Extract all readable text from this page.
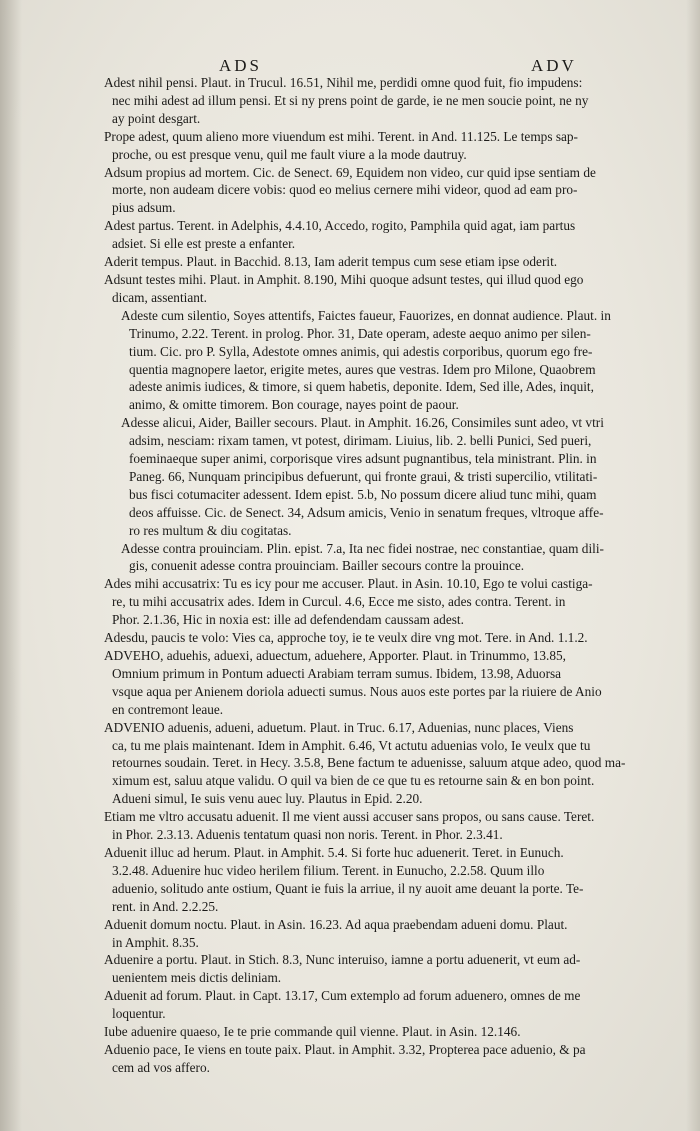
ADS	ADV

Adest nihil pensi. Plaut. in Trucul. 16.51, Nihil me, perdidi omne quod fuit, fio impudens:
nec mihi adest ad illum pensi. Et si ny prens point de garde, ie ne men soucie point, ne ny
ay point desgart.

Prope adest, quum alieno more viuendum est mihi. Terent. in And. 11.125. Le temps sap-
proche, ou est presque venu, quil me fault viure a la mode dautruy.

Adsum propius ad mortem. Cic. de Senect. 69, Equidem non video, cur quid ipse sentiam de
morte, non audeam dicere vobis: quod eo melius cernere mihi videor, quod ad eam pro-
pius adsum.

Adest partus. Terent. in Adelphis, 4.4.10, Accedo, rogito, Pamphila quid agat, iam partus
adsiet. Si elle est preste a enfanter.

Aderit tempus. Plaut. in Bacchid. 8.13, Iam aderit tempus cum sese etiam ipse oderit.

Adsunt testes mihi. Plaut. in Amphit. 8.190, Mihi quoque adsunt testes, qui illud quod ego
dicam, assentiant.

Adeste cum silentio, Soyes attentifs, Faictes faueur, Fauorizes, en donnat audience. Plaut. in
Trinumo, 2.22. Terent. in prolog. Phor. 31, Date operam, adeste aequo animo per silen-
tium. Cic. pro P. Sylla, Adestote omnes animis, qui adestis corporibus, quorum ego fre-
quentia magnopere laetor, erigite metes, aures que vestras. Idem pro Milone, Quaobrem
adeste animis iudices, & timore, si quem habetis, deponite. Idem, Sed ille, Ades, inquit,
animo, & omitte timorem. Bon courage, nayes point de paour.

Adesse alicui, Aider, Bailler secours. Plaut. in Amphit. 16.26, Consimiles sunt adeo, vt vtri
adsim, nesciam: rixam tamen, vt potest, dirimam. Liuius, lib. 2. belli Punici, Sed pueri,
foeminaeque super animi, corporisque vires adsunt pugnantibus, tela ministrant. Plin. in
Paneg. 66, Nunquam principibus defuerunt, qui fronte graui, & tristi supercilio, vtilitati-
bus fisci cotumaciter adessent. Idem epist. 5.b, No possum dicere aliud tunc mihi, quam
deos affuisse. Cic. de Senect. 34, Adsum amicis, Venio in senatum freques, vltroque affe-
ro res multum & diu cogitatas.

Adesse contra prouinciam. Plin. epist. 7.a, Ita nec fidei nostrae, nec constantiae, quam dili-
gis, conuenit adesse contra prouinciam. Bailler secours contre la prouince.

Ades mihi accusatrix: Tu es icy pour me accuser. Plaut. in Asin. 10.10, Ego te volui castiga-
re, tu mihi accusatrix ades. Idem in Curcul. 4.6, Ecce me sisto, ades contra. Terent. in
Phor. 2.1.36, Hic in noxia est: ille ad defendendam caussam adest.

Adesdu, paucis te volo: Vies ca, approche toy, ie te veulx dire vng mot. Tere. in And. 1.1.2.

ADVEHO, aduehis, aduexi, aduectum, aduehere, Apporter. Plaut. in Trinummo, 13.85,
Omnium primum in Pontum aduecti Arabiam terram sumus. Ibidem, 13.98, Aduorsa
vsque aqua per Anienem doriola aduecti sumus. Nous auos este portes par la riuiere de Anio
en contremont leaue.

ADVENIO aduenis, adueni, aduetum. Plaut. in Truc. 6.17, Aduenias, nunc places, Viens
ca, tu me plais maintenant. Idem in Amphit. 6.46, Vt actutu aduenias volo, Ie veulx que tu
retournes soudain. Teret. in Hecy. 3.5.8, Bene factum te aduenisse, saluum atque adeo, quod ma-
ximum est, saluu atque validu. O quil va bien de ce que tu es retourne sain & en bon point.
Adueni simul, Ie suis venu auec luy. Plautus in Epid. 2.20.

Etiam me vltro accusatu aduenit. Il me vient aussi accuser sans propos, ou sans cause. Teret.
in Phor. 2.3.13. Aduenis tentatum quasi non noris. Terent. in Phor. 2.3.41.

Aduenit illuc ad herum. Plaut. in Amphit. 5.4. Si forte huc aduenerit. Teret. in Eunuch.
3.2.48. Aduenire huc video herilem filium. Terent. in Eunucho, 2.2.58. Quum illo
aduenio, solitudo ante ostium, Quant ie fuis la arriue, il ny auoit ame deuant la porte. Te-
rent. in And. 2.2.25.

Aduenit domum noctu. Plaut. in Asin. 16.23. Ad aqua praebendam adueni domu. Plaut.
in Amphit. 8.35.

Aduenire a portu. Plaut. in Stich. 8.3, Nunc interuiso, iamne a portu aduenerit, vt eum ad-
uenientem meis dictis deliniam.

Aduenit ad forum. Plaut. in Capt. 13.17, Cum extemplo ad forum aduenero, omnes de me
loquentur.

Iube aduenire quaeso, Ie te prie commande quil vienne. Plaut. in Asin. 12.146.

Aduenio pace, Ie viens en toute paix. Plaut. in Amphit. 3.32, Propterea pace aduenio, & pa
cem ad vos affero.
